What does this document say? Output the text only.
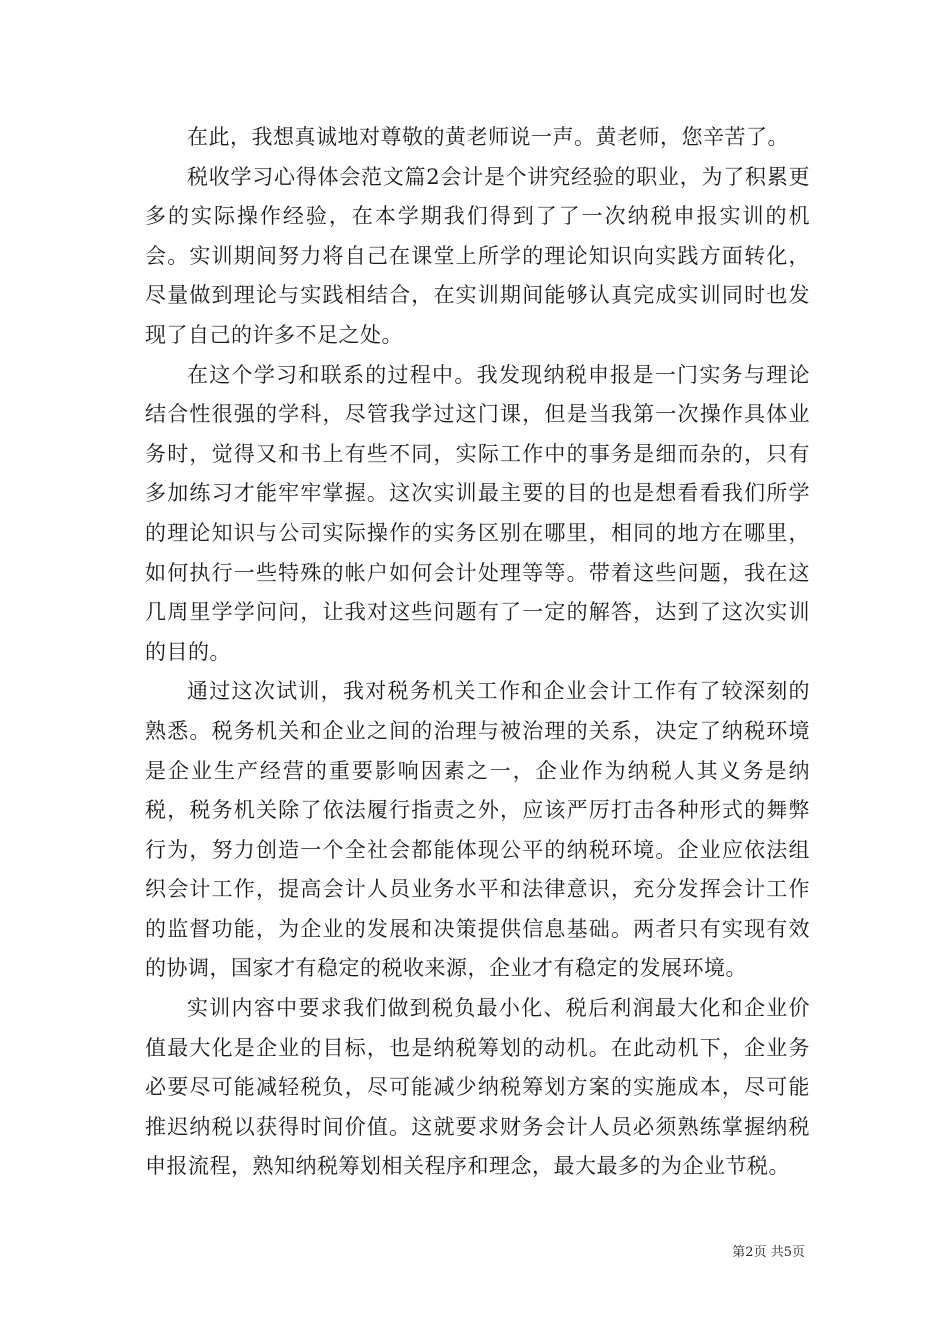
在此，我想真诚地对尊敬的黄老师说一声。黄老师，您辛苦了。

税收学习心得体会范文篇2会计是个讲究经验的职业，为了积累更多的实际操作经验，在本学期我们得到了了一次纳税申报实训的机会。实训期间努力将自己在课堂上所学的理论知识向实践方面转化，尽量做到理论与实践相结合，在实训期间能够认真完成实训同时也发现了自己的许多不足之处。

在这个学习和联系的过程中。我发现纳税申报是一门实务与理论结合性很强的学科，尽管我学过这门课，但是当我第一次操作具体业务时，觉得又和书上有些不同，实际工作中的事务是细而杂的，只有多加练习才能牢牢掌握。这次实训最主要的目的也是想看看我们所学的理论知识与公司实际操作的实务区别在哪里，相同的地方在哪里，如何执行一些特殊的帐户如何会计处理等等。带着这些问题，我在这几周里学学问问，让我对这些问题有了一定的解答，达到了这次实训的目的。

通过这次试训，我对税务机关工作和企业会计工作有了较深刻的熟悉。税务机关和企业之间的治理与被治理的关系，决定了纳税环境是企业生产经营的重要影响因素之一，企业作为纳税人其义务是纳税，税务机关除了依法履行指责之外，应该严厉打击各种形式的舞弊行为，努力创造一个全社会都能体现公平的纳税环境。企业应依法组织会计工作，提高会计人员业务水平和法律意识，充分发挥会计工作的监督功能，为企业的发展和决策提供信息基础。两者只有实现有效的协调，国家才有稳定的税收来源，企业才有稳定的发展环境。

实训内容中要求我们做到税负最小化、税后利润最大化和企业价值最大化是企业的目标，也是纳税筹划的动机。在此动机下，企业务必要尽可能减轻税负，尽可能减少纳税筹划方案的实施成本，尽可能推迟纳税以获得时间价值。这就要求财务会计人员必须熟练掌握纳税申报流程，熟知纳税筹划相关程序和理念，最大最多的为企业节税。

第2页 共5页
